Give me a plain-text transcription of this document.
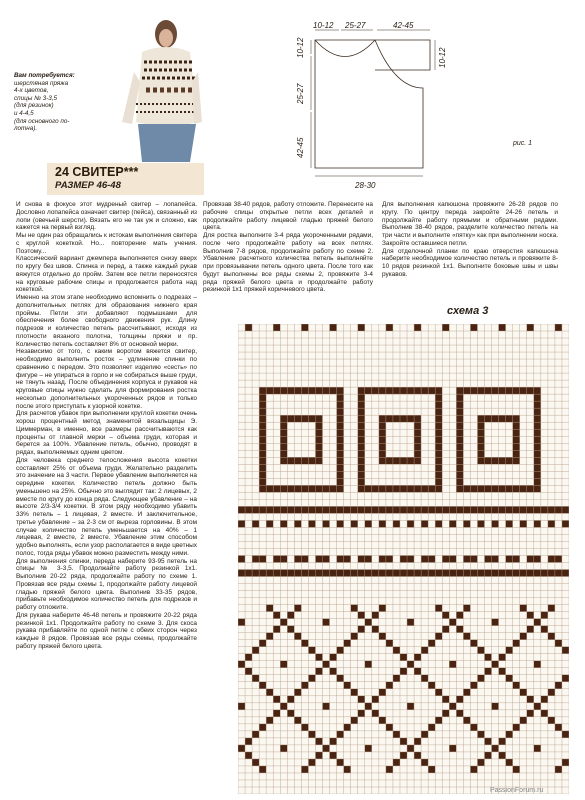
Вам потребуется:
шерстяная пряжа
4-х цветов,
спицы № 3-3,5
(для резинок)
и 4-4,5
(для основного по-
лотна).
24 СВИТЕР***
РАЗМЕР 46-48
10-12 25-27	42-45
10-12
25-27
42-45
28-30
10-12
рис. 1

И снова в фокусе этот мудреный свитер – лопапейса. Дословно лопапейса означает свитер (пейса), связанный из лопи (овечьей шерсти). Вязать его не так уж и сложно, как кажется на первый взгляд.

Мы не один раз обращались к истокам выполнения свитера с круглой кокеткой. Но... повторение мать учения. Поэтому...

Классический вариант джемпера выполняется снизу вверх по кругу без швов. Спинка и перед, а также каждый рукав вяжутся отдельно до пройм. Затем все петли переносятся на круговые рабочие спицы и продолжается работа над кокеткой.

Именно на этом этапе необходимо вспомнить о подрезах – дополнительных петлях для образования нижнего края проймы. Петли эти добавляют подмышками для обеспечения более свободного движения рук. Длину подрезов и количество петель рассчитывают, исходя из плотности вязаного полотна, толщины пряжи и пр. Количество петель составляет 8% от основной мерки.

Независимо от того, с каким воротом вяжется свитер, необходимо выполнить росток – удлинение спинки по сравнению с передом. Это позволяет изделию «сесть» по фигуре – не упираться в горло и не собираться выше груди, не тянуть назад. После объединения корпуса и рукавов на круговые спицы нужно сделать для формирования ростка несколько дополнительных укороченных рядов и только после этого приступать к узорной кокетке.

Для расчетов убавок при выполнении круглой кокетки очень хорош процентный метод знаменитой вязальщицы Э. Циммерман, в именно, все размеры рассчитываются как проценты от главной мерки – объема груди, которая и берется за 100%. Убавление петель, обычно, проводят в рядах, выполняемых одним цветом.

Для человека среднего телосложения высота кокетки составляет 25% от объема груди. Желательно разделить это значение на 3 части. Первое убавление выполняется на середине кокетки. Количество петель должно быть уменьшено на 25%. Обычно это выглядит так: 2 лицевых, 2 вместе по кругу до конца ряда. Следующее убавление – на высоте 2/3-3/4 кокетки. В этом ряду необходимо убавить 33% петель – 1 лицевая, 2 вместе. И заключительное, третье убавление – за 2-3 см от выреза горловины. В этом случае количество петель уменьшается на 40% – 1 лицевая, 2 вместе, 2 вместе. Убавление этим способом удобно выполнять, если узор располагается в виде цветных полос, тогда ряды убавок можно разместить между ними.

Для выполнения спинки, передa наберите 93-95 петель на спицы № 3-3,5. Продолжайте работу резинкой 1х1. Выполнив 20-22 ряда, продолжайте работу по схеме 1. Провязав все ряды схемы 1, продолжайте работу лицевой гладью пряжей белого цвета. Выполнив 33-35 рядов, прибавьте необходимое количество петель для подрезов и работу отложите.

Для рукава наберите 46-48 петель и провяжите 20-22 ряда резинкой 1х1. Продолжайте работу по схеме 3. Для скоса рукава прибавляйте по одной петле с обеих сторон через каждые 8 рядов. Провязав все ряды схемы, продолжайте работу пряжей белого цвета.

Провязав 38-40 рядов, работу отложите. Перенесите на рабочие спицы открытые петли всех деталей и продолжайте работу лицевой гладью пряжей белого цвета.

Для ростка выполните 3-4 ряда укороченными рядами, после чего продолжайте работу на всех петлях. Выполнив 7-8 рядов, продолжайте работу по схеме 2. Убавление расчетного количества петель выполняйте при провязывании петель одного цвета. После того как будут выполнены все ряды схемы 2, провяжите 3-4 ряда пряжей белого цвета и продолжайте работу резинкой 1х1 пряжей коричневого цвета.

Для выполнения капюшона провяжите 26-28 рядов по кругу. По центру переда закройте 24-26 петель и продолжайте работу прямыми и обратными рядами. Выполнив 38-40 рядов, разделите количество петель на три части и выполните «пятку» как при выполнении носка. Закройте оставшиеся петли.

Для отделочной планки по краю отверстия капюшона наберите необходимое количество петель и провяжите 8-10 рядов резинкой 1х1. Выполните боковые швы и швы рукавов.

схема 3
PassionForum.ru
